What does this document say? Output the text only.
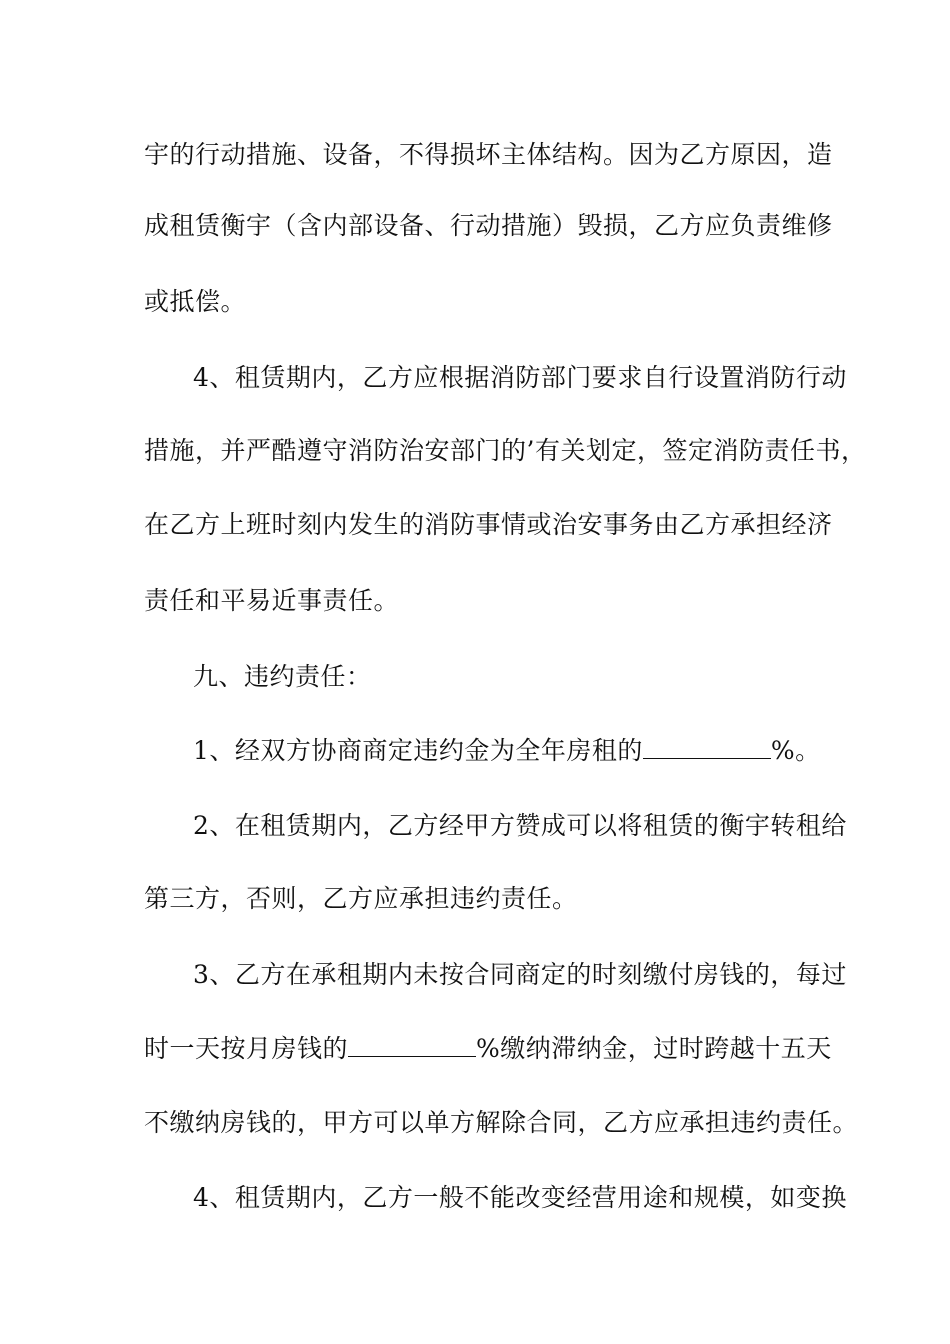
宇的行动措施、设备，不得损坏主体结构。因为乙方原因，造
成租赁衡宇（含内部设备、行动措施）毁损，乙方应负责维修
或抵偿。
4、租赁期内，乙方应根据消防部门要求自行设置消防行动
措施，并严酷遵守消防治安部门的’有关划定，签定消防责任书，
在乙方上班时刻内发生的消防事情或治安事务由乙方承担经济
责任和平易近事责任。
九、违约责任：
1、经双方协商商定违约金为全年房租的	%。
2、在租赁期内，乙方经甲方赞成可以将租赁的衡宇转租给
第三方，否则，乙方应承担违约责任。
3、乙方在承租期内未按合同商定的时刻缴付房钱的，每过
时一天按月房钱的	%缴纳滞纳金，过时跨越十五天
不缴纳房钱的，甲方可以单方解除合同，乙方应承担违约责任。
4、租赁期内，乙方一般不能改变经营用途和规模，如变换
